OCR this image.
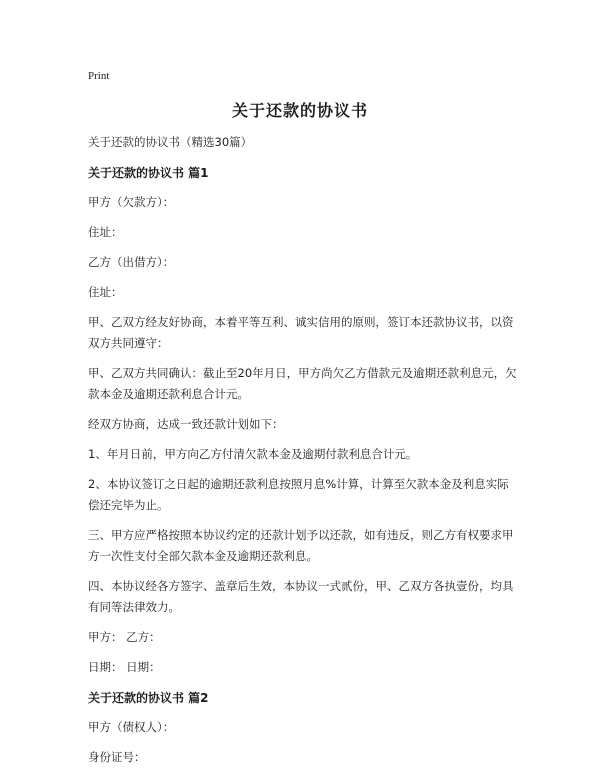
Print
关于还款的协议书

关于还款的协议书（精选30篇）

关于还款的协议书 篇1

甲方（欠款方）：

住址：

乙方（出借方）：

住址：

甲、乙双方经友好协商，本着平等互利、诚实信用的原则，签订本还款协议书，以资双方共同遵守：

甲、乙双方共同确认：截止至20年月日，甲方尚欠乙方借款元及逾期还款利息元，欠款本金及逾期还款利息合计元。

经双方协商，达成一致还款计划如下：

1、年月日前，甲方向乙方付清欠款本金及逾期付款利息合计元。

2、本协议签订之日起的逾期还款利息按照月息%计算，计算至欠款本金及利息实际偿还完毕为止。

三、甲方应严格按照本协议约定的还款计划予以还款，如有违反，则乙方有权要求甲方一次性支付全部欠款本金及逾期还款利息。

四、本协议经各方签字、盖章后生效，本协议一式贰份，甲、乙双方各执壹份，均具有同等法律效力。

甲方： 乙方：

日期： 日期：

关于还款的协议书 篇2

甲方（债权人）：

身份证号：
